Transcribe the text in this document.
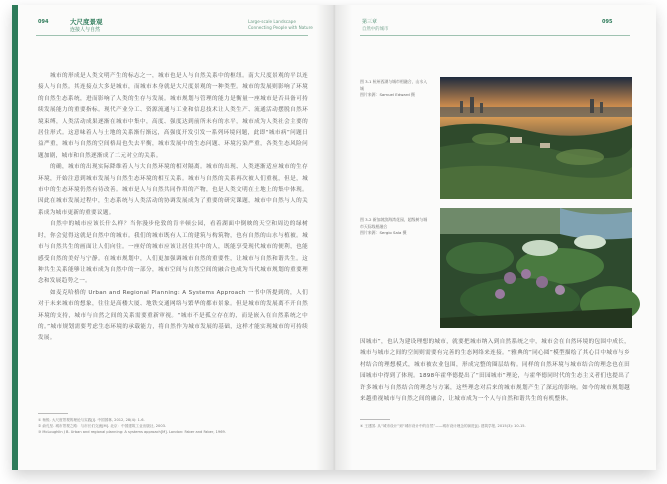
094	大尺度景观
连接人与自然
Large-scale Landscape
Connecting People with Nature

城市的形成是人类文明产生的标志之一，城市也是人与自然关系中的枢纽。南大尺度景观的平以连接人与自然。其连接点大多是城市，而城市本身就是大尺度景观的一种类型。城市的发展则影响了环境的自然生态系统，进而影响了人类的生存与发展。城市规划与管理的能力是衡量一座城市是否具备可持续发展能力的重要指标。现代产业分工、资源流通与工业和信息技术让人类生产、流通活动摆脱自然环境束缚，人类活动成果逐渐在城市中集中，高度、强度达到前所未有的水平，城市成为人类社会主要的居住形式。这意味着人与土地的关系渐行渐远，高强度开发引发一系列环境问题，此即“城市病”问题日益严重，城市与自然的空间格局也失去平衡，城市发展中的生态问题、环境污染严重，各类生态风险问题加剧，城市和自然逐渐成了二元对立的关系。

的确，城市的出现实际降维着人与大自然环境的相对隔离。城市的出现、人类逐渐适应城市的生存环境，开始注意到城市发展与自然生态环境的相互关系。城市与自然的关系再次被人们重视，但是，城市中的生态环境仍然有待改善。城市是人与自然共同作用的产物，也是人类文明在土地上的集中体现。因此在城市发展过程中，生态系统与人类活动的协调发展成为了重要的研究课题，城市中自然与人的关系成为城市更新的重要议题。

自然中的城市应该长什么样？当你漫步伦敦的肯辛顿公园，看着湖面中倒映的天空和周边的绿树时，你会觉得这就是自然中的城市。我们的城市既有人工的建筑与构筑物，也有自然的山水与植被。城市与自然共生的画面让人们向往。一座好的城市应该让居住其中的人，既能享受现代城市的便利，也能感受自然的美好与宁静。在城市规划中，人们更加强调城市自然的重要性，让城市与自然和谐共生。这种共生关系能够让城市成为自然中的一部分，城市空间与自然空间的融合也成为当代城市规划的重要理念和发展趋势之一。

如麦克哈格的 Urban and Regional Planning: A Systems Approach 一书中所提到的，人们对于未来城市的想象，往往是高楼大厦、地铁交通网络与繁华的都市景象。但是城市的发展离不开自然环境的支持，城市与自然之间的关系需要重新审视。“城市不是孤立存在的，而是嵌入在自然系统之中的。”城市规划需要考虑生态环境的承载能力，将自然作为城市发展的基础，这样才能实现城市的可持续发展。

① 杨锐. 大尺度景观的理论与实践[J]. 中国园林, 2012, 28(4): 1-6.
② 俞孔坚. 城市景观之路：与市长们交流[M]. 北京：中国建筑工业出版社, 2003.
③ McLoughlin J B. Urban and regional planning: A systems approach[M]. London: Faber and Faber, 1969.
第三章
自然中的城市
095
图 3-1 杭州西湖与城市相融合，山水入城
图片来源：Samuel Edward 摄
图 3-2 新加坡滨海湾花园，超级树与城市天际线相融合
图片来源：Sergio Sala 摄

因城市”，也认为建设理想的城市，就要把城市纳入到自然系统之中，城市会在自然环境的包围中成长，城市与城市之间的空间则需要有完善的生态网络来连接。“雅典的”同心圆”模型描绘了其心目中城市与乡村结合的理想模式，城市被农业包围，形成完整的圈层结构。同样的自然环境与城市结合的理念也在田园城市中得到了体现。1898年霍华德提出了“田园城市”理论，与霍华德同时代的生态主义者们也提出了许多城市与自然结合的理念与方案，这些理念对后来的城市规划产生了深远的影响。如今的城市规划越来越重视城市与自然之间的融合，让城市成为一个人与自然和谐共生的有机整体。

④ 王建国. 从“城市设计”到“城市设计中的自然”——城市设计理念的演进[J]. 建筑学报, 2015(3): 10-15.
